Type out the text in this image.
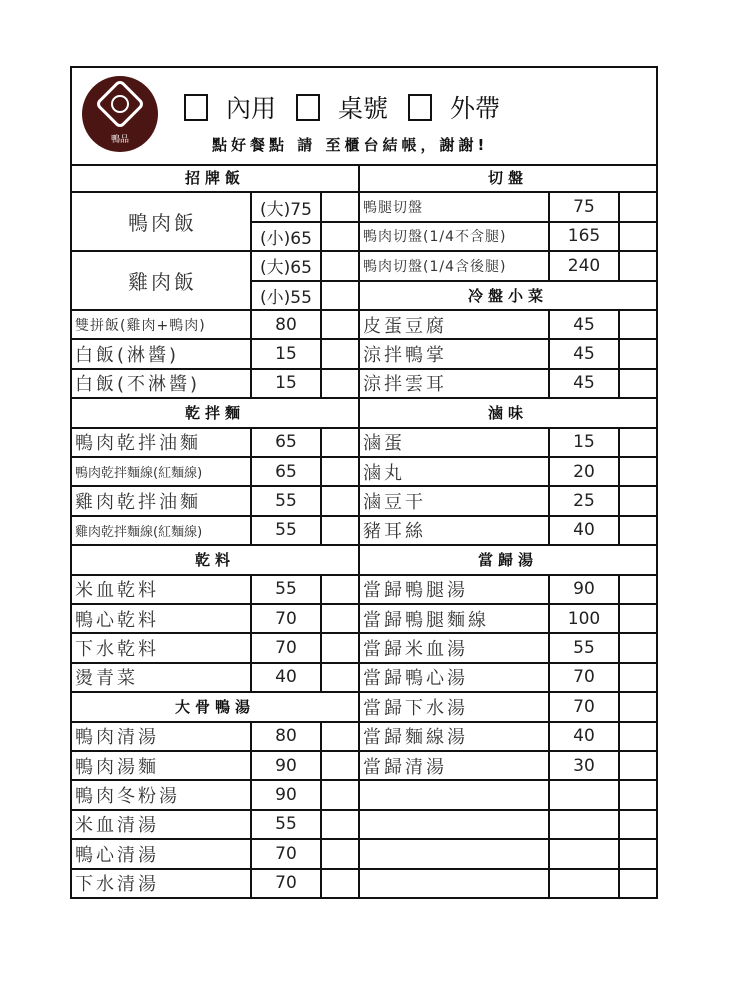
鴨品
內用 桌號 外帶
點好餐點 請 至櫃台結帳，謝謝!
招牌飯
鴨肉飯
(大)75
(小)65
雞肉飯
(大)65
(小)55
雙拼飯(雞肉+鴨肉)	80
白飯(淋醬)	15
白飯(不淋醬)	15
乾拌麵
鴨肉乾拌油麵	65
鴨肉乾拌麵線(紅麵線)	65
雞肉乾拌油麵	55
雞肉乾拌麵線(紅麵線)	55
乾料
米血乾料	55
鴨心乾料	70
下水乾料	70
燙青菜	40
大骨鴨湯
鴨肉清湯	80
鴨肉湯麵	90
鴨肉冬粉湯	90
米血清湯	55
鴨心清湯	70
下水清湯	70
切盤
鴨腿切盤	75
鴨肉切盤(1/4不含腿)	165
鴨肉切盤(1/4含後腿)	240
冷盤小菜
皮蛋豆腐	45
涼拌鴨掌	45
涼拌雲耳	45
滷味
滷蛋	15
滷丸	20
滷豆干	25
豬耳絲	40
當歸湯
當歸鴨腿湯	90
當歸鴨腿麵線	100
當歸米血湯	55
當歸鴨心湯	70
當歸下水湯	70
當歸麵線湯	40
當歸清湯	30
